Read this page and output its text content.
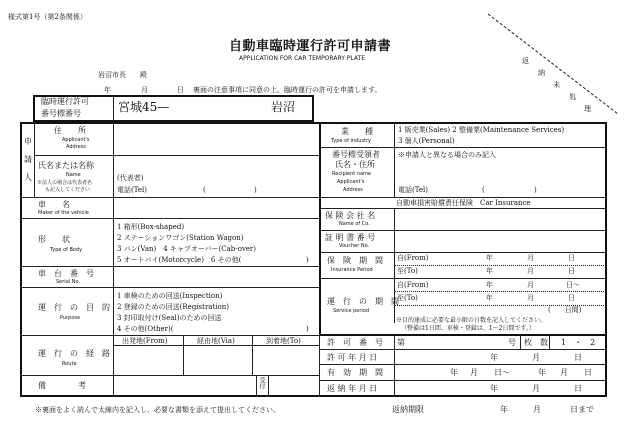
様式第1号（第2条関係）
自動車臨時運行許可申請書
APPLICATION FOR CAR TEMPORARY PLATE
岩沼市長　　殿
年	月	日 裏面の注意事項に同意の上、臨時運行の許可を申請します。
返
納
未
処
理
臨時運行許可
番号標番号	宮城45—	岩沼
申
請
人
住　　所
Applicant's
Address
氏名または名称
Name
※法人の場合は代表者名
も記入してください
(代表者)
電話(Tel)	(	)
車　　名
Maker of the vehicle
形　　状
Type of Body
1 箱形(Box-shaped)
2 ステーションワゴン(Station Wagon)
3 バン(Van)　4 キャブオーバー(Cab-over)
5 オートバイ(Motorcycle)　6 その他(	)
車　台　番　号
Serial No.
運　行　の　目　的
Purpose
1 車検のための回送(Inspection)
2 登録のための回送(Registration)
3 封印取付け(Seal)のための回送
4 その他(Other)(	)
運　行　の　経　路
Route
出発地(From)	経由地(Via)	到着地(To)
備　　　　考	受付
業　　種
Type of industry
1 販売業(Sales) 2 整備業(Maintenance Services)
3 個人(Personal)
番号標受領者
氏名・住所
Recipient name
Applicant's
Address
※申請人と異なる場合のみ記入
電話(Tel)	(	)
自動車損害賠償責任保険　Car Insurance
保 険 会 社 名
Name of Co.
証 明 書 番 号
Voucher No.
保　険　期　間
Insurance Period
自(From)	年	月	日
至(To)	年	月	日
運　行　の　期　間
Service period
自(From)	年	月	日～
至(To)	年	月	日
(　　日間)
※目的達成に必要な最小限の日数を記入してください。
（整備は1日間、車検・登録は、1～2日間です。）
許　可　番　号 第	号 枚　数 1　・　2
許 可 年 月 日	年	月	日
有　効　期　間	年 月 日～	年 月 日
返 納 年 月 日	年	月	日
※裏面をよく読んで太線内を記入し、必要な書類を添えて提出してください。	返納期限	年	月	日まで
